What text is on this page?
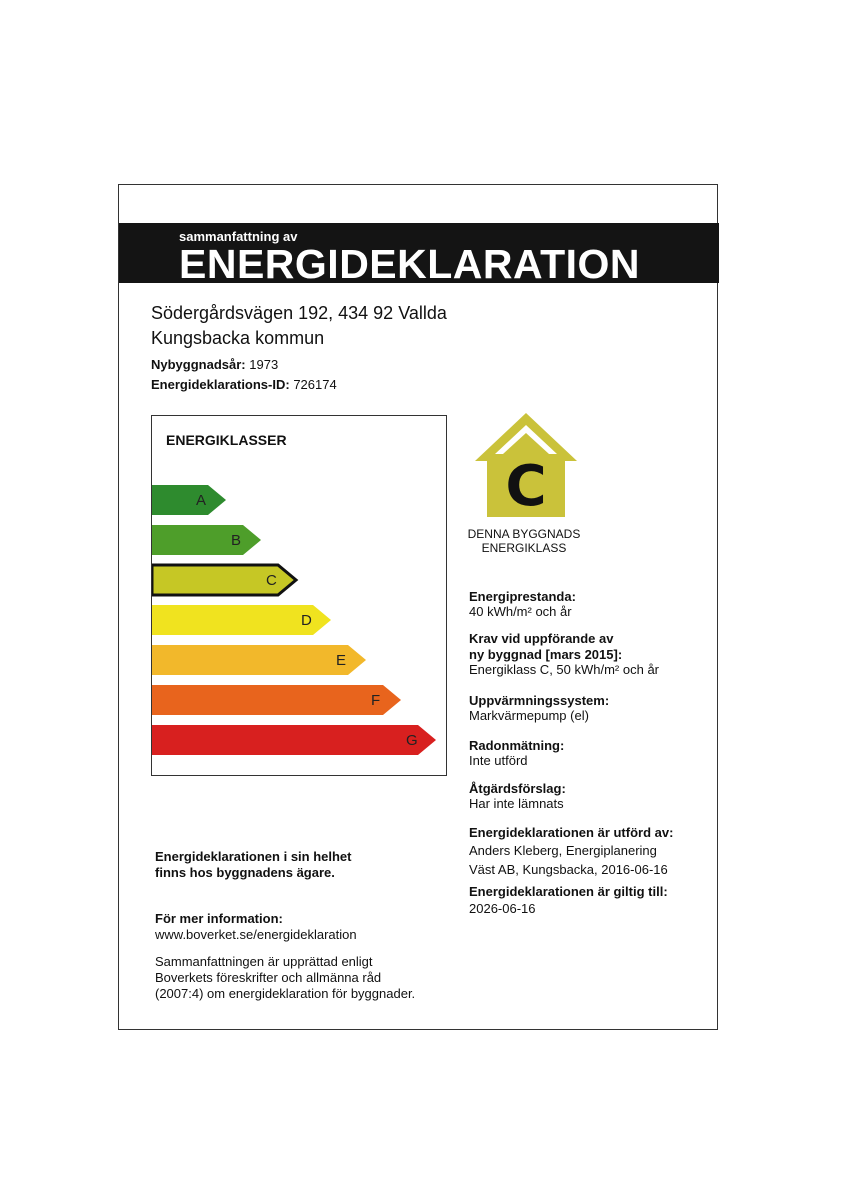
sammanfattning av
ENERGIDEKLARATION
Södergårdsvägen 192, 434 92 Vallda
Kungsbacka kommun
Nybyggnadsår: 1973
Energideklarations-ID: 726174
ENERGIKLASSER
A
B
C
D
E
F
G
C
DENNA BYGGNADS
ENERGIKLASS
Energiprestanda:
40 kWh/m² och år
Krav vid uppförande av
ny byggnad [mars 2015]:
Energiklass C, 50 kWh/m² och år
Uppvärmningssystem:
Markvärmepump (el)
Radonmätning:
Inte utförd
Åtgärdsförslag:
Har inte lämnats
Energideklarationen är utförd av:
Anders Kleberg, Energiplanering
Väst AB, Kungsbacka, 2016-06-16
Energideklarationen är giltig till:
2026-06-16
Energideklarationen i sin helhet
finns hos byggnadens ägare.
För mer information:
www.boverket.se/energideklaration
Sammanfattningen är upprättad enligt
Boverkets föreskrifter och allmänna råd
(2007:4) om energideklaration för byggnader.
